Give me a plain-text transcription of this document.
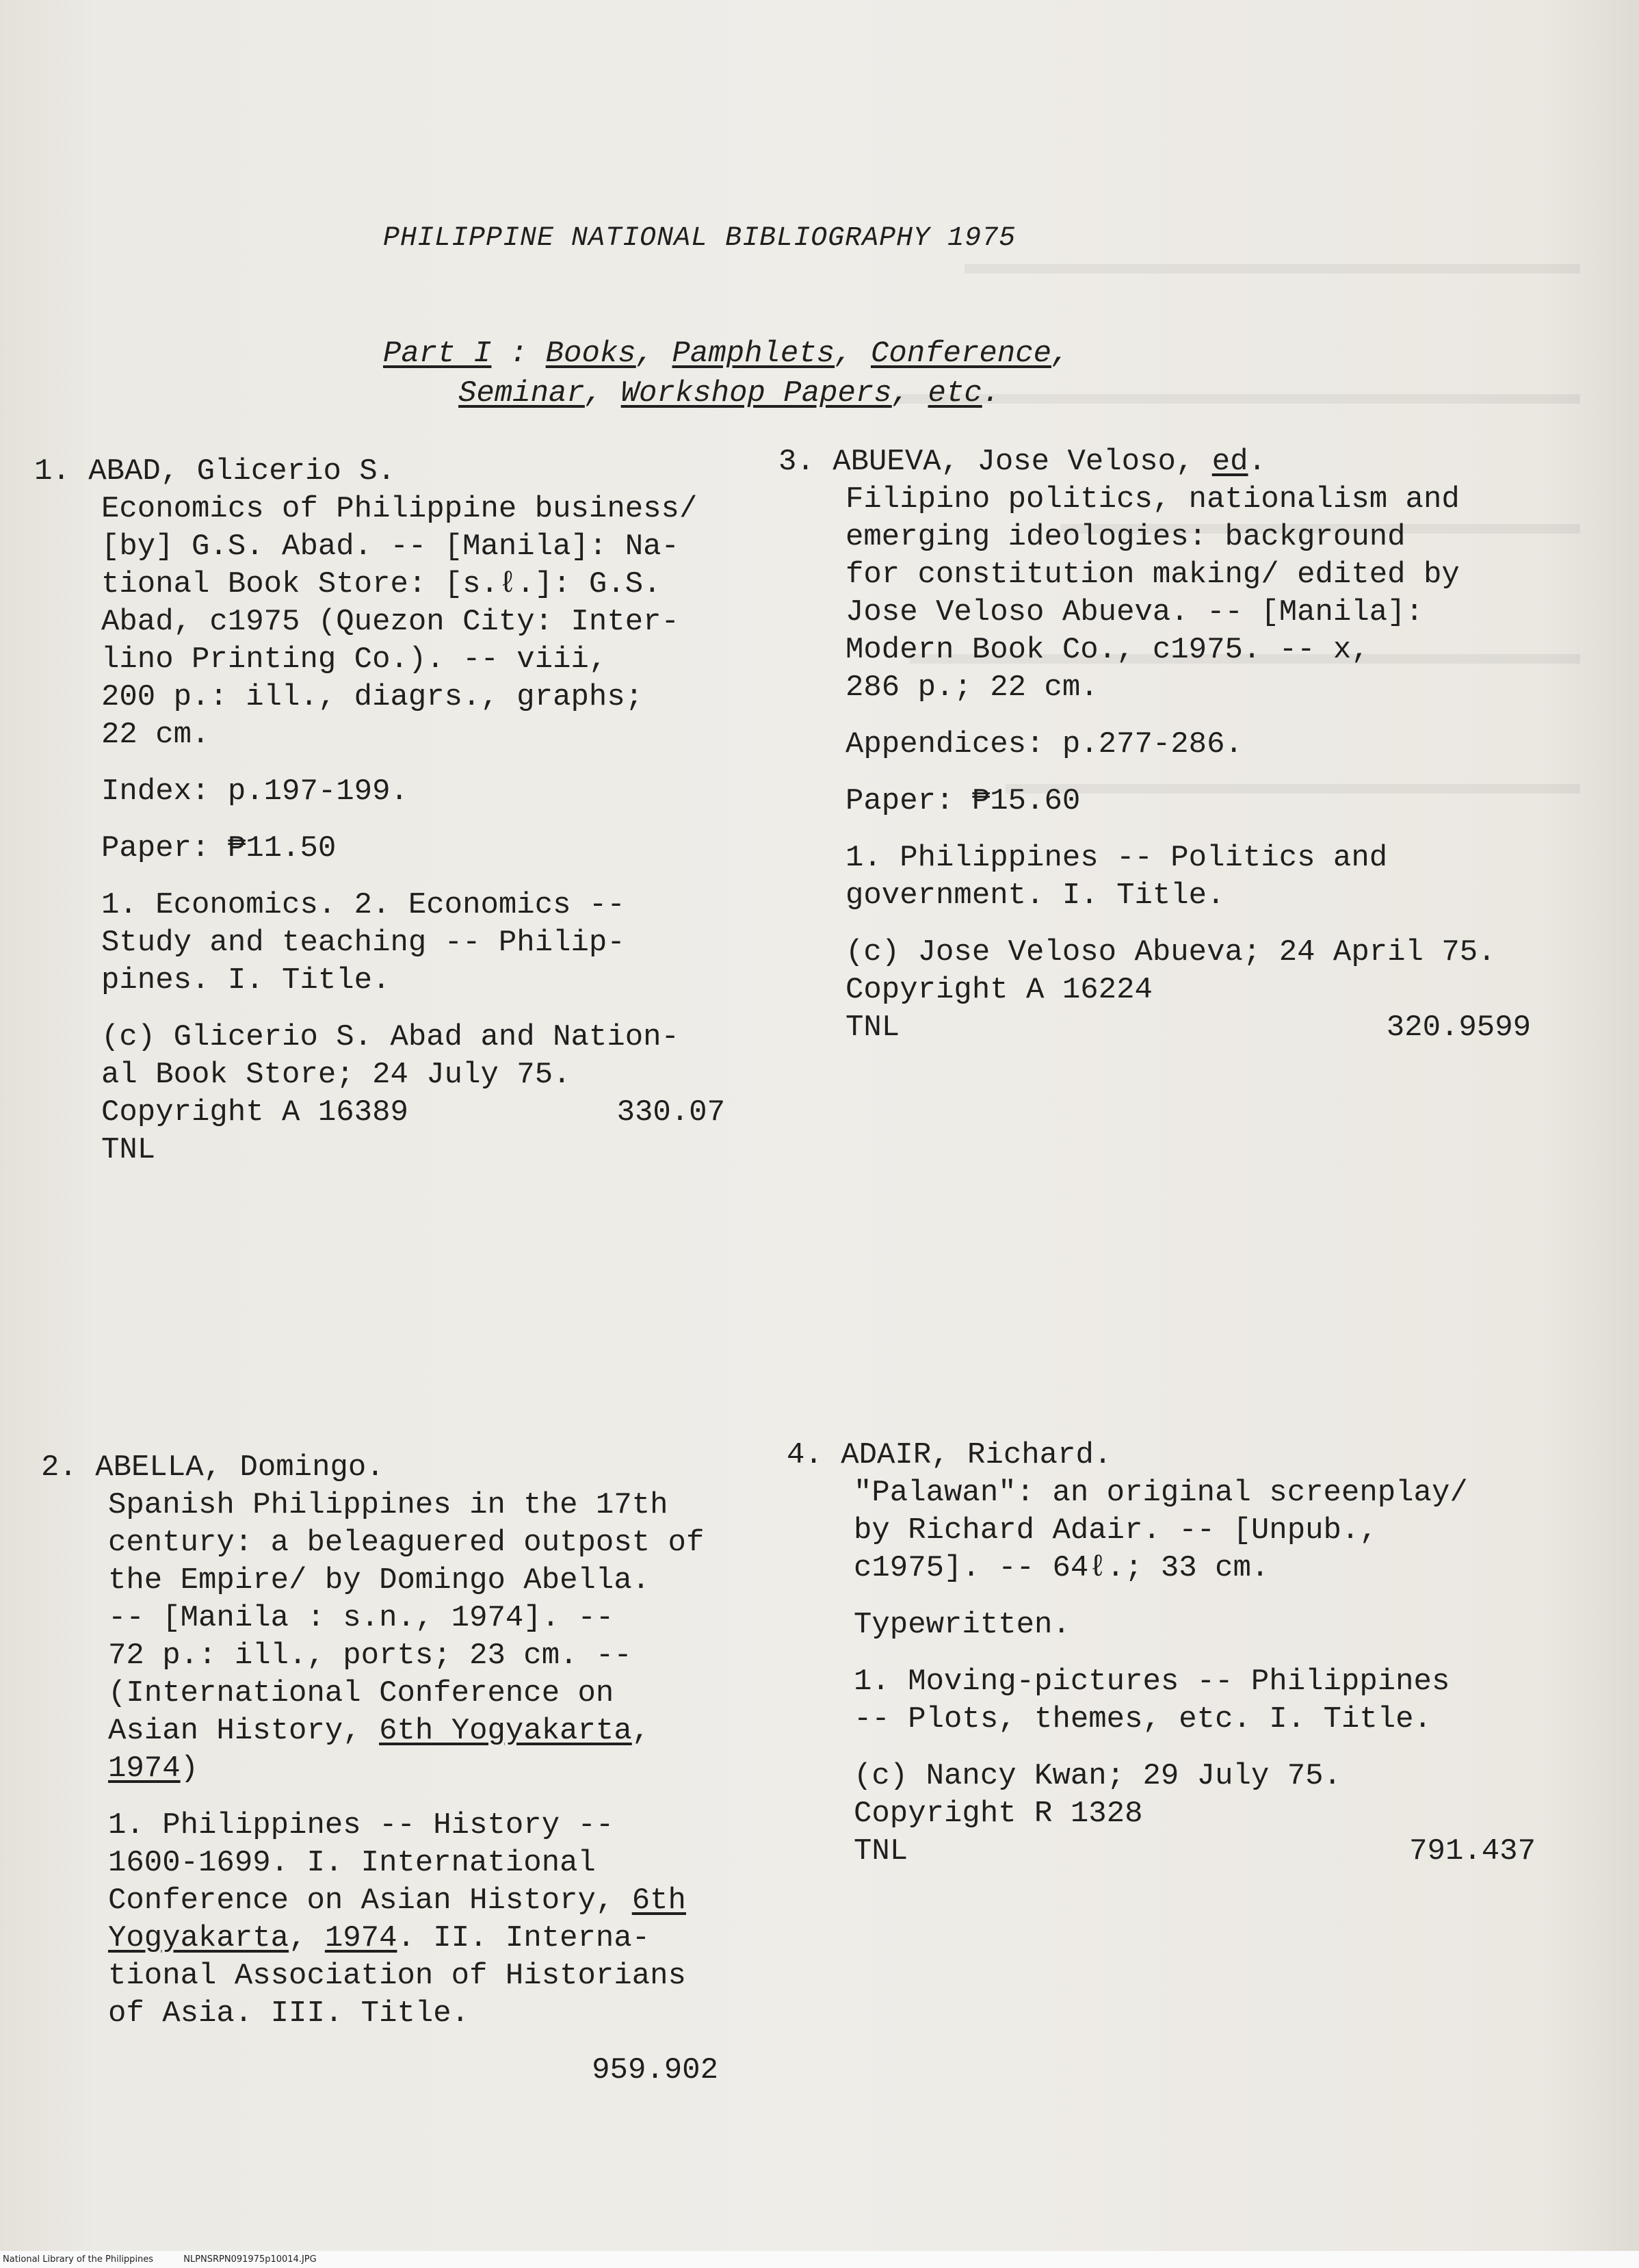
PHILIPPINE NATIONAL BIBLIOGRAPHY 1975
Part I : Books, Pamphlets, Conference,
Seminar, Workshop Papers, etc.
1. ABAD, Glicerio S.
Economics of Philippine business/
[by] G.S. Abad. -- [Manila]: Na-
tional Book Store: [s.ℓ.]: G.S.
Abad, c1975 (Quezon City: Inter-
lino Printing Co.). -- viii,
200 p.: ill., diagrs., graphs;
22 cm.
Index: p.197-199.
Paper: ₱11.50
1. Economics. 2. Economics --
Study and teaching -- Philip-
pines. I. Title.
(c) Glicerio S. Abad and Nation-
al Book Store; 24 July 75.
Copyright A 16389	330.07
TNL
2. ABELLA, Domingo.
Spanish Philippines in the 17th
century: a beleaguered outpost of
the Empire/ by Domingo Abella.
-- [Manila : s.n., 1974]. --
72 p.: ill., ports; 23 cm. --
(International Conference on
Asian History, 6th Yogyakarta,
1974)
1. Philippines -- History --
1600-1699. I. International
Conference on Asian History, 6th
Yogyakarta, 1974. II. Interna-
tional Association of Historians
of Asia. III. Title.
959.902
3. ABUEVA, Jose Veloso, ed.
Filipino politics, nationalism and
emerging ideologies: background
for constitution making/ edited by
Jose Veloso Abueva. -- [Manila]:
Modern Book Co., c1975. -- x,
286 p.; 22 cm.
Appendices: p.277-286.
Paper: ₱15.60
1. Philippines -- Politics and
government. I. Title.
(c) Jose Veloso Abueva; 24 April 75.
Copyright A 16224
TNL	320.9599
4. ADAIR, Richard.
"Palawan": an original screenplay/
by Richard Adair. -- [Unpub.,
c1975]. -- 64ℓ.; 33 cm.
Typewritten.
1. Moving-pictures -- Philippines
-- Plots, themes, etc. I. Title.
(c) Nancy Kwan; 29 July 75.
Copyright R 1328
TNL	791.437
National Library of the Philippines	NLPNSRPN091975p10014.JPG
